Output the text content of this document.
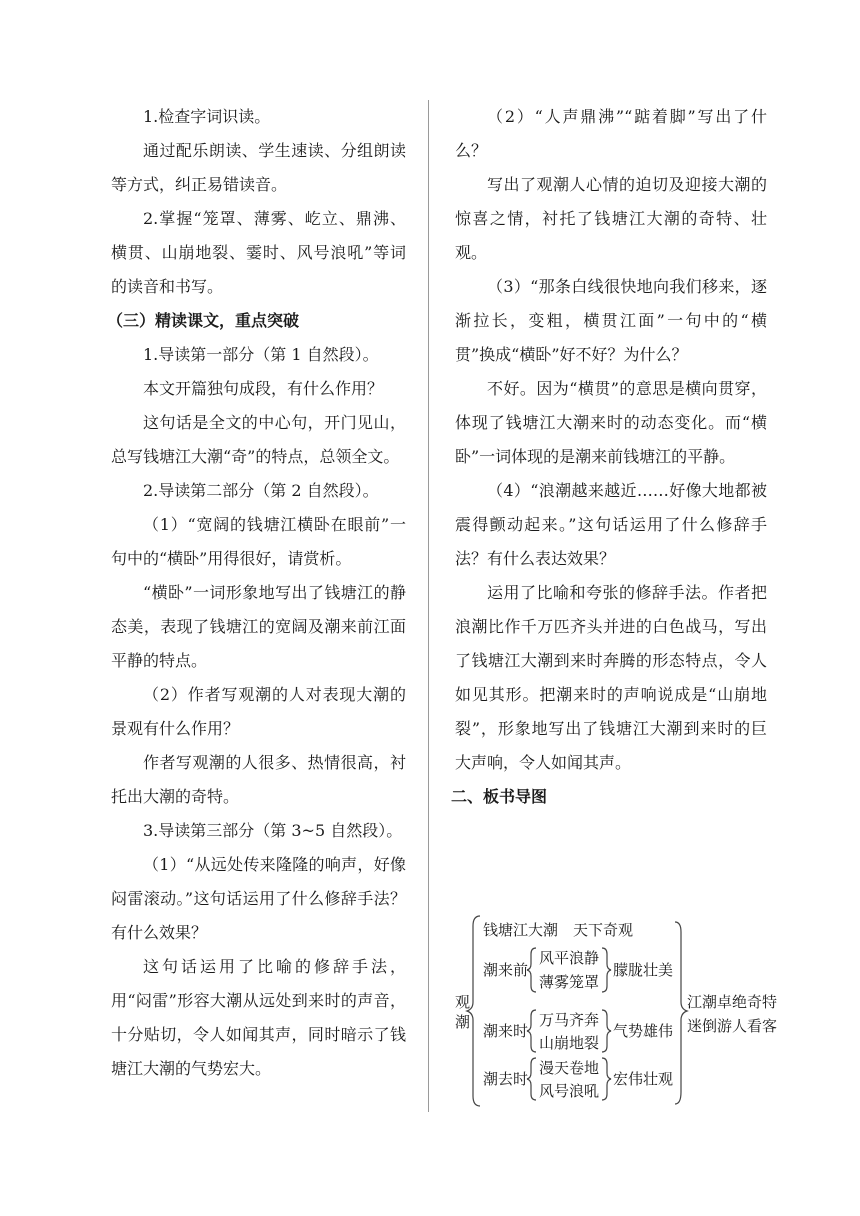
1.检查字词识读。

通过配乐朗读、学生速读、分组朗读等方式，纠正易错读音。

2.掌握“笼罩、薄雾、屹立、鼎沸、横贯、山崩地裂、霎时、风号浪吼”等词的读音和书写。

（三）精读课文，重点突破

1.导读第一部分（第 1 自然段）。

本文开篇独句成段，有什么作用？

这句话是全文的中心句，开门见山，总写钱塘江大潮“奇”的特点，总领全文。

2.导读第二部分（第 2 自然段）。

（1）“宽阔的钱塘江横卧在眼前”一句中的“横卧”用得很好，请赏析。

“横卧”一词形象地写出了钱塘江的静态美，表现了钱塘江的宽阔及潮来前江面平静的特点。

（2）作者写观潮的人对表现大潮的景观有什么作用？

作者写观潮的人很多、热情很高，衬托出大潮的奇特。

3.导读第三部分（第 3~5 自然段）。

（1）“从远处传来隆隆的响声，好像闷雷滚动。”这句话运用了什么修辞手法？有什么效果？

这句话运用了比喻的修辞手法，用“闷雷”形容大潮从远处到来时的声音，十分贴切，令人如闻其声，同时暗示了钱塘江大潮的气势宏大。

（2）“人声鼎沸”“踮着脚”写出了什么？

写出了观潮人心情的迫切及迎接大潮的惊喜之情，衬托了钱塘江大潮的奇特、壮观。

（3）“那条白线很快地向我们移来，逐渐拉长，变粗，横贯江面”一句中的“横贯”换成“横卧”好不好？为什么？

不好。因为“横贯”的意思是横向贯穿，体现了钱塘江大潮来时的动态变化。而“横卧”一词体现的是潮来前钱塘江的平静。

（4）“浪潮越来越近……好像大地都被震得颤动起来。”这句话运用了什么修辞手法？有什么表达效果？

运用了比喻和夸张的修辞手法。作者把浪潮比作千万匹齐头并进的白色战马，写出了钱塘江大潮到来时奔腾的形态特点，令人如见其形。把潮来时的声响说成是“山崩地裂”，形象地写出了钱塘江大潮到来时的巨大声响，令人如闻其声。

二、板书导图

观
潮
钱塘江大潮 天下奇观
潮来前
风平浪静
薄雾笼罩
朦胧壮美
潮来时
万马齐奔
山崩地裂
气势雄伟
潮去时
漫天卷地
风号浪吼
宏伟壮观
江潮卓绝奇特
迷倒游人看客
